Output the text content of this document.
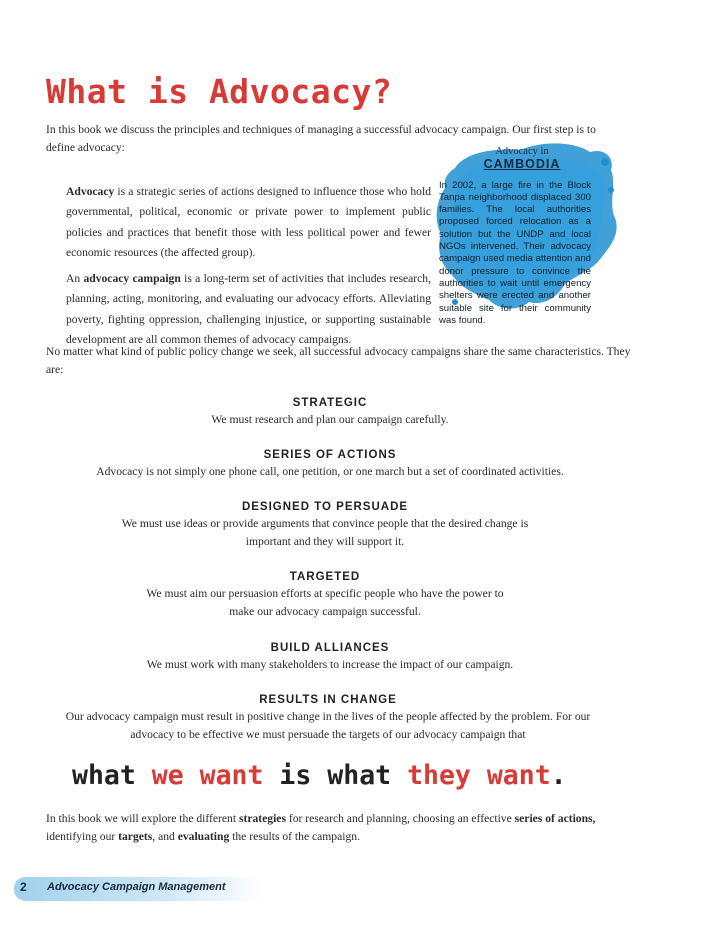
What is Advocacy?

In this book we discuss the principles and techniques of managing a successful advocacy campaign. Our first step is to define advocacy:

Advocacy is a strategic series of actions designed to influence those who hold governmental, political, economic or private power to implement public policies and practices that benefit those with less political power and fewer economic resources (the affected group).

An advocacy campaign is a long-term set of activities that includes research, planning, acting, monitoring, and evaluating our advocacy efforts. Alleviating poverty, fighting oppression, challenging injustice, or supporting sustainable development are all common themes of advocacy campaigns.

Advocacy in
CAMBODIA

In 2002, a large fire in the Block Tanpa neighborhood displaced 300 families. The local authorities proposed forced relocation as a solution but the UNDP and local NGOs intervened. Their advocacy campaign used media attention and donor pressure to convince the authorities to wait until emergency shelters were erected and another suitable site for their community was found.

No matter what kind of public policy change we seek, all successful advocacy campaigns share the same characteristics. They are:

STRATEGIC

We must research and plan our campaign carefully.

SERIES OF ACTIONS

Advocacy is not simply one phone call, one petition, or one march but a set of coordinated activities.

DESIGNED TO PERSUADE

We must use ideas or provide arguments that convince people that the desired change is important and they will support it.

TARGETED

We must aim our persuasion efforts at specific people who have the power to make our advocacy campaign successful.

BUILD ALLIANCES

We must work with many stakeholders to increase the impact of our campaign.

RESULTS IN CHANGE

Our advocacy campaign must result in positive change in the lives of the people affected by the problem. For our advocacy to be effective we must persuade the targets of our advocacy campaign that

what we want is what they want.

In this book we will explore the different strategies for research and planning, choosing an effective series of actions, identifying our targets, and evaluating the results of the campaign.

2 Advocacy Campaign Management
